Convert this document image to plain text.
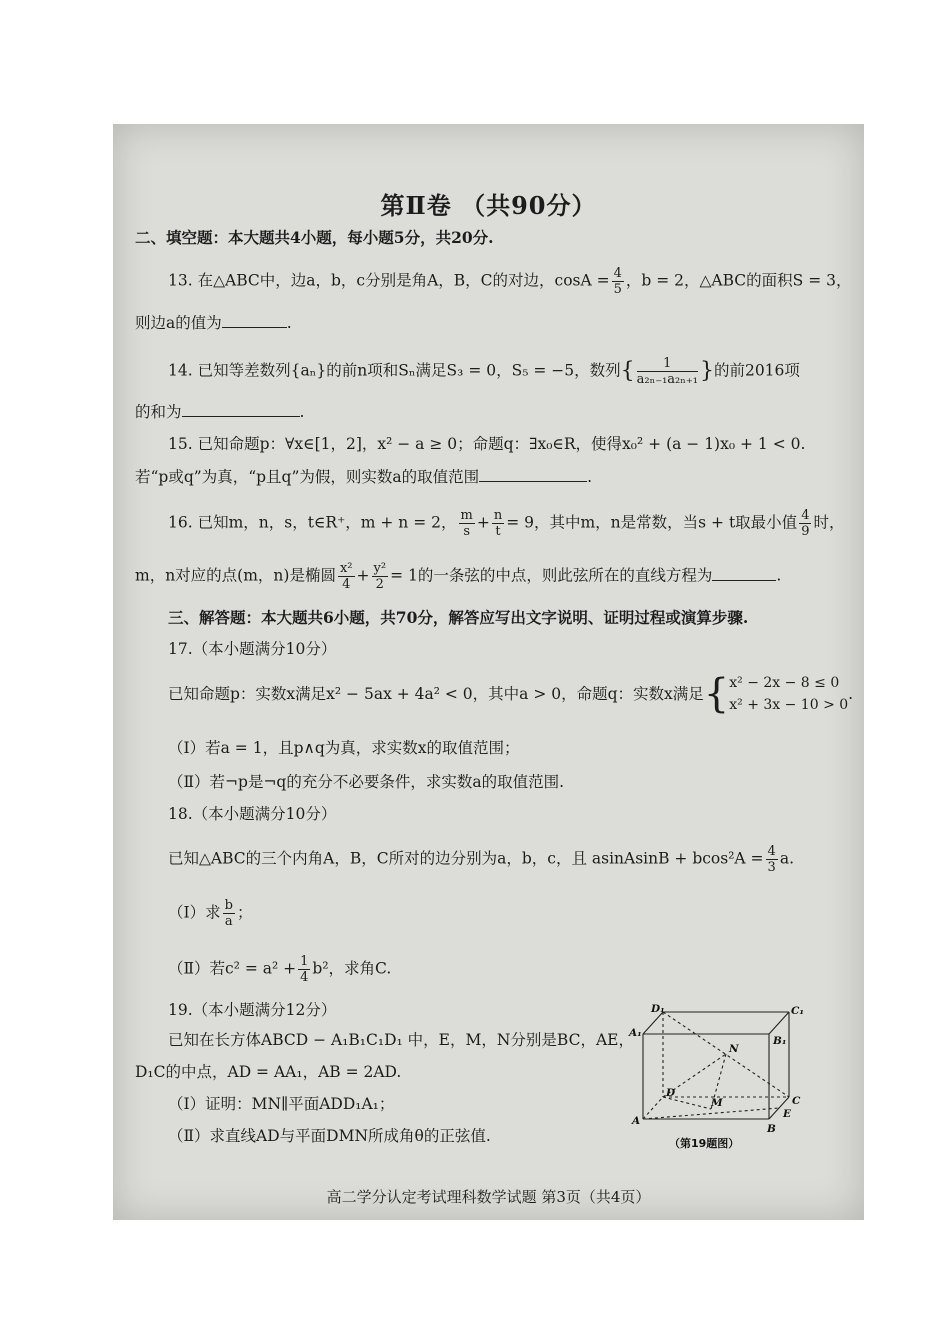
第Ⅱ卷 （共90分）
二、填空题：本大题共4小题，每小题5分，共20分.
13. 在△ABC中，边a，b，c分别是角A，B，C的对边，$\cos A = \frac{4}{5}$ ，b = 2，△ABC的面积S = 3，
则边a的值为	.
14. 已知等差数列{aₙ}的前n项和Sₙ满足S₃ = 0，S₅ = −5，数列{ $\frac{1}{\text{a₂ₙ₋₁a₂ₙ₊₁}}$ }的前2016项
的和为	.
15. 已知命题p：∀x∈[1，2]，x² − a ≥ 0；命题q：∃x₀∈R，使得x₀² + (a − 1)x₀ + 1 < 0.
若“p或q”为真，“p且q”为假，则实数a的取值范围	.
16. 已知m，n，s，t∈R⁺，m + n = 2， $\frac{m}{s} + \frac{n}{t} = 9$，其中m，n是常数，当s + t取最小值 $\frac{4}{9}$ 时，
m，n对应的点(m，n)是椭圆 $\frac{\text{x²}}{4} + \frac{\text{y²}}{2} = 1$的一条弦的中点，则此弦所在的直线方程为	.
三、解答题：本大题共6小题，共70分，解答应写出文字说明、证明过程或演算步骤.
17.（本小题满分10分）
已知命题p：实数x满足x² − 5ax + 4a² < 0，其中a > 0，命题q：实数x满足{ x² − 2x − 8 ≤ 0
x² + 3x − 10 > 0
.
（Ⅰ）若a = 1，且p∧q为真，求实数x的取值范围；
（Ⅱ）若¬p是¬q的充分不必要条件，求实数a的取值范围.
18.（本小题满分10分）
已知△ABC的三个内角A，B，C所对的边分别为a，b，c，且 asinAsinB + $bcos^2A = \frac{4}{3} a$.
（Ⅰ）求 $\frac{b}{a}$ ；
（Ⅱ）若$c^2 = a^2 + \frac{1}{4} b^2$，求角C.
19.（本小题满分12分）
已知在长方体ABCD − A₁B₁C₁D₁ 中，E，M，N分别是BC，AE，
D₁C的中点，AD = AA₁，AB = 2AD.
（Ⅰ）证明：MN∥平面ADD₁A₁；
（Ⅱ）求直线AD与平面DMN所成角θ的正弦值.
D₁	C₁
A₁
B₁
N
D
C
M
A
E
B
（第19题图）
高二学分认定考试理科数学试题 第3页（共4页）
